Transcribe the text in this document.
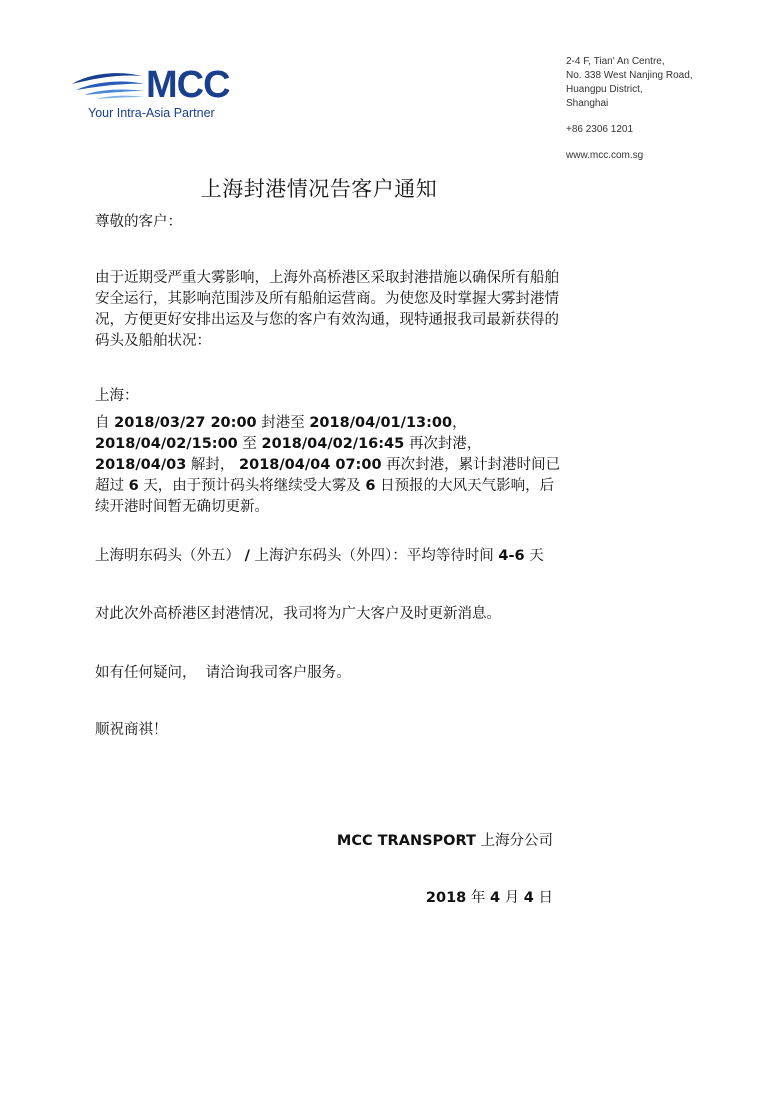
MCC
Your Intra-Asia Partner
2-4 F, Tian' An Centre,
No. 338 West Nanjing Road,
Huangpu District,
Shanghai
+86 2306 1201
www.mcc.com.sg
上海封港情况告客户通知
尊敬的客户：
由于近期受严重大雾影响，上海外高桥港区采取封港措施以确保所有船舶安全运行，其影响范围涉及所有船舶运营商。为使您及时掌握大雾封港情况，方便更好安排出运及与您的客户有效沟通，现特通报我司最新获得的码头及船舶状况：
上海：
自 2018/03/27 20:00 封港至 2018/04/01/13:00， 2018/04/02/15:00 至 2018/04/02/16:45 再次封港， 2018/04/03 解封， 2018/04/04 07:00 再次封港，累计封港时间已超过 6 天，由于预计码头将继续受大雾及 6 日预报的大风天气影响，后续开港时间暂无确切更新。
上海明东码头（外五） / 上海沪东码头（外四）：平均等待时间 4-6 天
对此次外高桥港区封港情况，我司将为广大客户及时更新消息。
如有任何疑问，  请洽询我司客户服务。
顺祝商祺！
MCC TRANSPORT 上海分公司
2018 年 4 月 4 日
